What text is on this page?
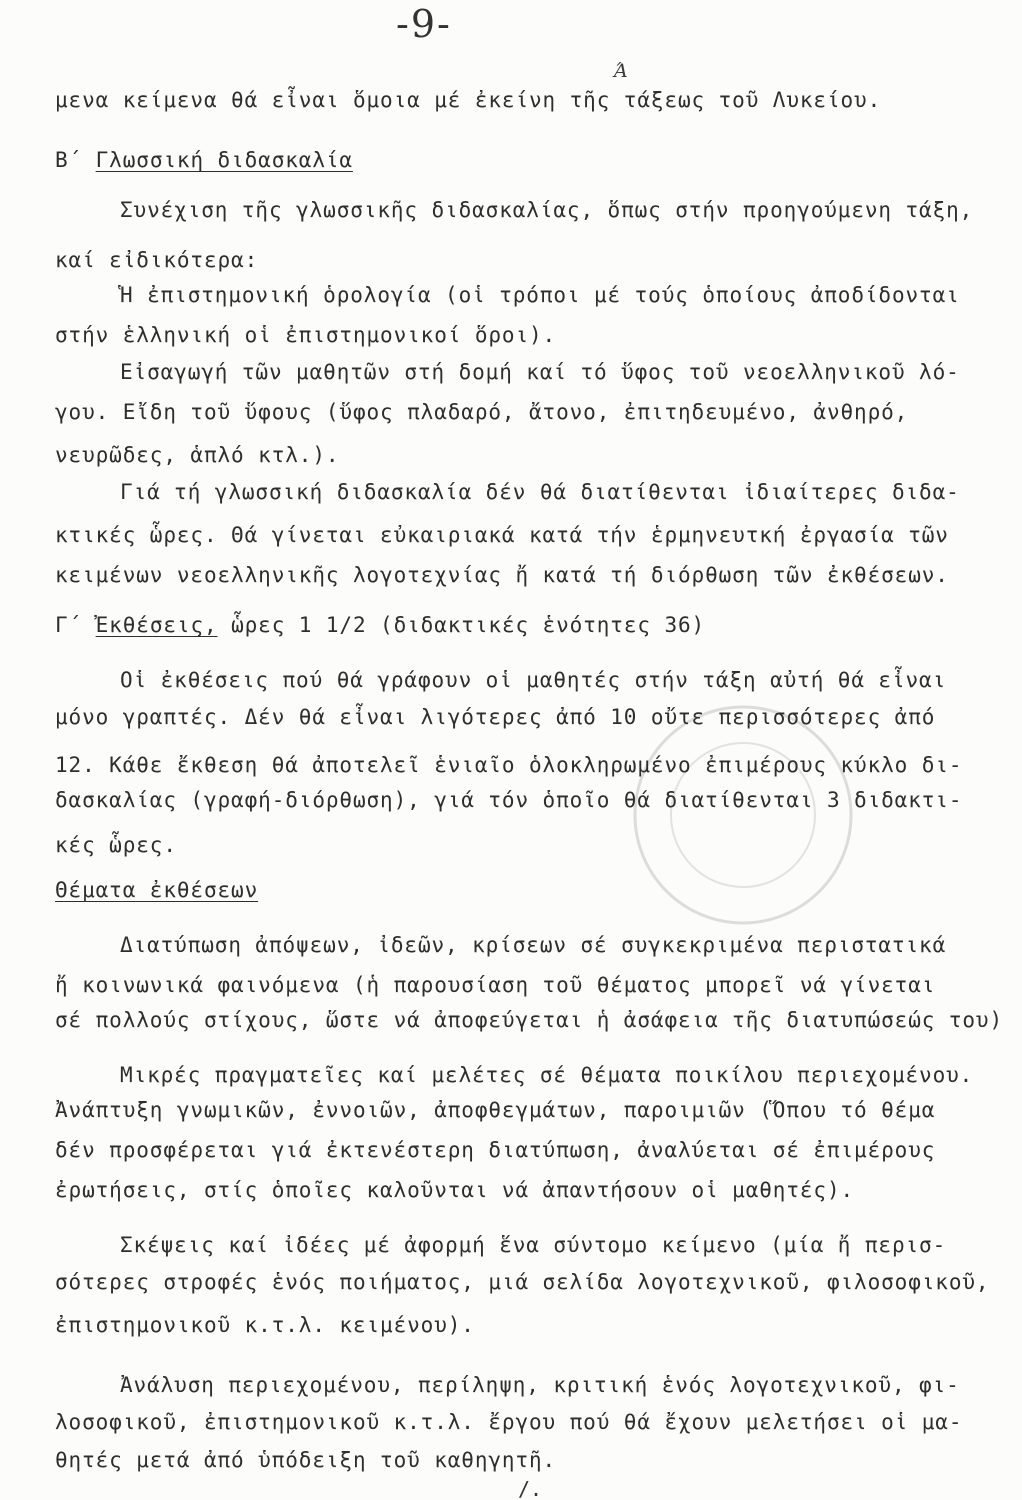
-9-
Ά
μενα κείμενα θά εἶναι ὅμοια μέ ἐκείνη τῆς τάξεως τοῦ Λυκείου.
Β΄ Γλωσσική διδασκαλία
Συνέχιση τῆς γλωσσικῆς διδασκαλίας, ὅπως στήν προηγούμενη τάξη,
καί εἰδικότερα:
Ἡ ἐπιστημονική ὁρολογία (οἱ τρόποι μέ τούς ὁποίους ἀποδίδονται
στήν ἑλληνική οἱ ἐπιστημονικοί ὅροι).
Εἰσαγωγή τῶν μαθητῶν στή δομή καί τό ὕφος τοῦ νεοελληνικοῦ λό-
γου. Εἴδη τοῦ ὕφους (ὕφος πλαδαρό, ἄτονο, ἐπιτηδευμένο, ἀνθηρό,
νευρῶδες, ἁπλό κτλ.).
Γιά τή γλωσσική διδασκαλία δέν θά διατίθενται ἰδιαίτερες διδα-
κτικές ὧρες. Θά γίνεται εὐκαιριακά κατά τήν ἑρμηνευτκή ἐργασία τῶν
κειμένων νεοελληνικῆς λογοτεχνίας ἤ κατά τή διόρθωση τῶν ἐκθέσεων.
Γ΄ Ἐκθέσεις, ὧρες 1 1/2 (διδακτικές ἑνότητες 36)
Οἱ ἐκθέσεις πού θά γράφουν οἱ μαθητές στήν τάξη αὐτή θά εἶναι
μόνο γραπτές. Δέν θά εἶναι λιγότερες ἀπό 10 οὔτε περισσότερες ἀπό
12. Κάθε ἔκθεση θά ἀποτελεῖ ἑνιαῖο ὁλοκληρωμένο ἐπιμέρους κύκλο δι-
δασκαλίας (γραφή-διόρθωση), γιά τόν ὁποῖο θά διατίθενται 3 διδακτι-
κές ὧρες.
Θέματα ἐκθέσεων
Διατύπωση ἀπόψεων, ἰδεῶν, κρίσεων σέ συγκεκριμένα περιστατικά
ἤ κοινωνικά φαινόμενα (ἡ παρουσίαση τοῦ θέματος μπορεῖ νά γίνεται
σέ πολλούς στίχους, ὥστε νά ἀποφεύγεται ἡ ἀσάφεια τῆς διατυπώσεώς του)
Μικρές πραγματεῖες καί μελέτες σέ θέματα ποικίλου περιεχομένου.
Ἀνάπτυξη γνωμικῶν, ἐννοιῶν, ἀποφθεγμάτων, παροιμιῶν (Ὅπου τό θέμα
δέν προσφέρεται γιά ἐκτενέστερη διατύπωση, ἀναλύεται σέ ἐπιμέρους
ἐρωτήσεις, στίς ὁποῖες καλοῦνται νά ἀπαντήσουν οἱ μαθητές).
Σκέψεις καί ἰδέες μέ ἀφορμή ἕνα σύντομο κείμενο (μία ἤ περισ-
σότερες στροφές ἑνός ποιήματος, μιά σελίδα λογοτεχνικοῦ, φιλοσοφικοῦ,
ἐπιστημονικοῦ κ.τ.λ. κειμένου).
Ἀνάλυση περιεχομένου, περίληψη, κριτική ἑνός λογοτεχνικοῦ, φι-
λοσοφικοῦ, ἐπιστημονικοῦ κ.τ.λ. ἔργου πού θά ἔχουν μελετήσει οἱ μα-
θητές μετά ἀπό ὑπόδειξη τοῦ καθηγητῆ.
/.
